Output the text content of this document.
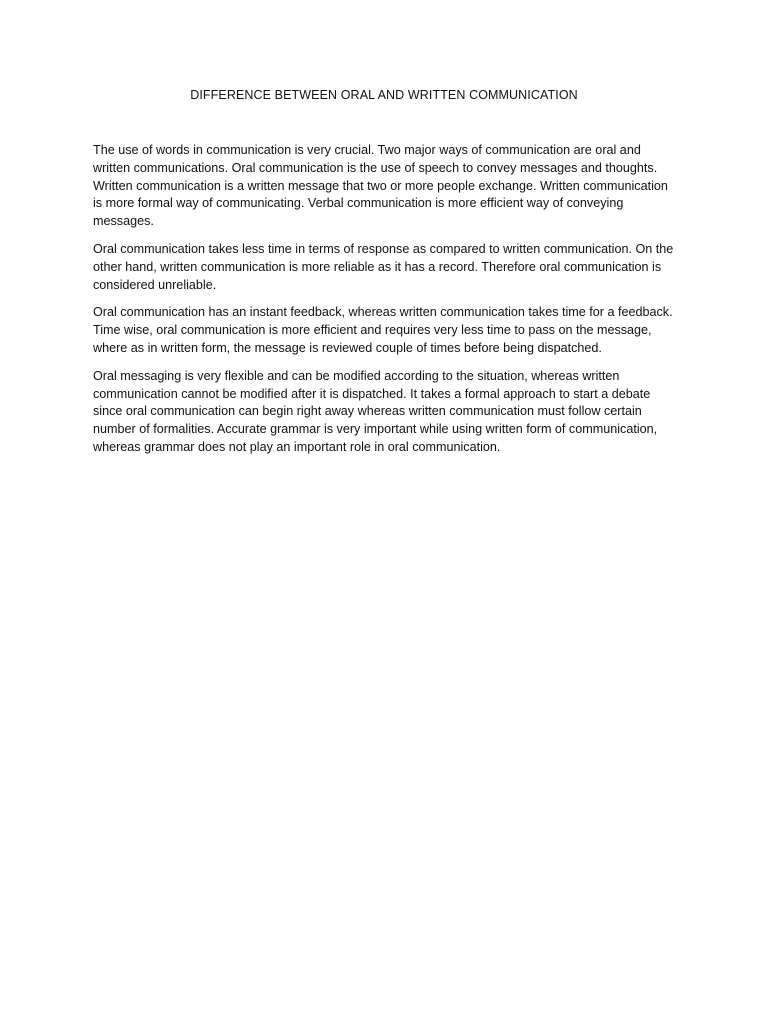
DIFFERENCE BETWEEN ORAL AND WRITTEN COMMUNICATION

The use of words in communication is very crucial. Two major ways of communication are oral and written communications. Oral communication is the use of speech to convey messages and thoughts. Written communication is a written message that two or more people exchange. Written communication is more formal way of communicating. Verbal communication is more efficient way of conveying messages.

Oral communication takes less time in terms of response as compared to written communication. On the other hand, written communication is more reliable as it has a record. Therefore oral communication is considered unreliable.

Oral communication has an instant feedback, whereas written communication takes time for a feedback. Time wise, oral communication is more efficient and requires very less time to pass on the message, where as in written form, the message is reviewed couple of times before being dispatched.

Oral messaging is very flexible and can be modified according to the situation, whereas written communication cannot be modified after it is dispatched. It takes a formal approach to start a debate since oral communication can begin right away whereas written communication must follow certain number of formalities. Accurate grammar is very important while using written form of communication, whereas grammar does not play an important role in oral communication.
